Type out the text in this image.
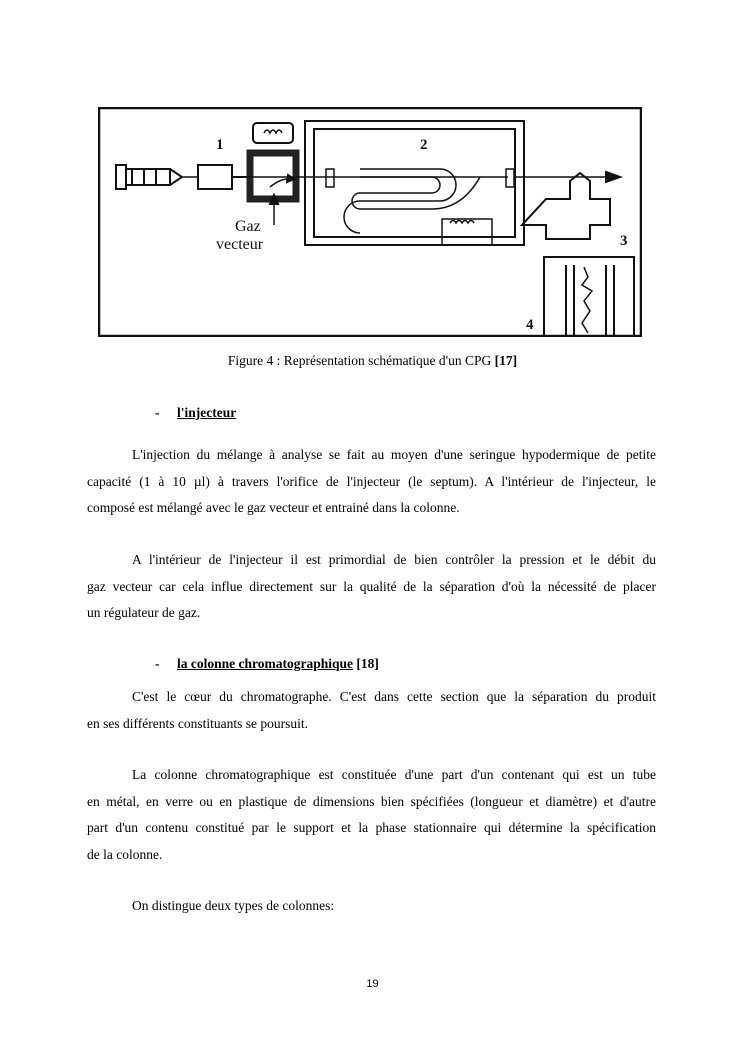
1	2
3
4
Gaz
vecteur
Figure 4 : Représentation schématique d'un CPG [17]
- l'injecteur
L'injection du mélange à analyse se fait au moyen d'une seringue hypodermique de petite
capacité (1 à 10 µl) à travers l'orifice de l'injecteur (le septum). A l'intérieur de l'injecteur, le
composé est mélangé avec le gaz vecteur et entrainé dans la colonne.
A l'intérieur de l'injecteur il est primordial de bien contrôler la pression et le débit du
gaz vecteur car cela influe directement sur la qualité de la séparation d'où la nécessité de placer
un régulateur de gaz.
- la colonne chromatographique [18]
C'est le cœur du chromatographe. C'est dans cette section que la séparation du produit
en ses différents constituants se poursuit.
La colonne chromatographique est constituée d'une part d'un contenant qui est un tube
en métal, en verre ou en plastique de dimensions bien spécifiées (longueur et diamètre) et d'autre
part d'un contenu constitué par le support et la phase stationnaire qui détermine la spécification
de la colonne.
On distingue deux types de colonnes:
19
